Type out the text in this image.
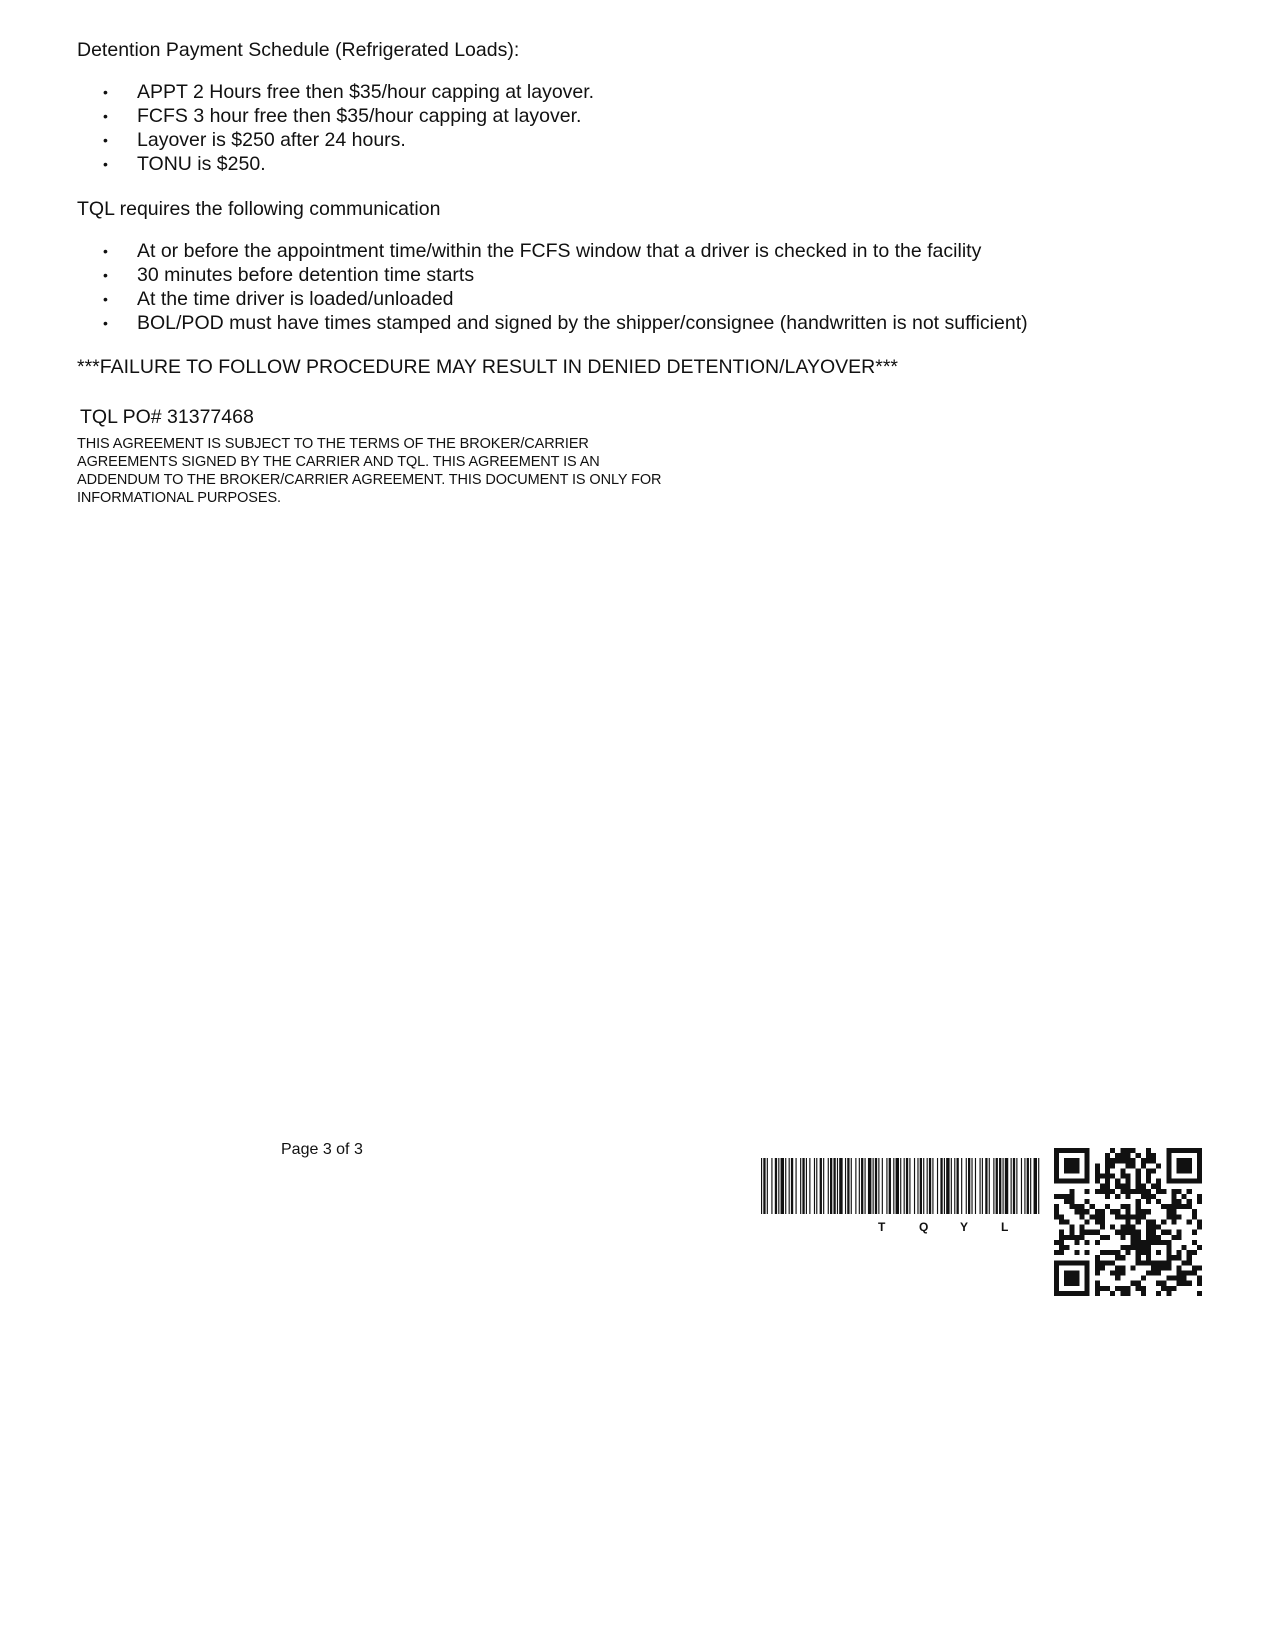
Detention Payment Schedule (Refrigerated Loads):
• APPT 2 Hours free then $35/hour capping at layover.
• FCFS 3 hour free then $35/hour capping at layover.
• Layover is $250 after 24 hours.
• TONU is $250.
TQL requires the following communication
• At or before the appointment time/within the FCFS window that a driver is checked in to the facility
• 30 minutes before detention time starts
• At the time driver is loaded/unloaded
• BOL/POD must have times stamped and signed by the shipper/consignee (handwritten is not sufficient)
***FAILURE TO FOLLOW PROCEDURE MAY RESULT IN DENIED DETENTION/LAYOVER***
TQL PO# 31377468
THIS AGREEMENT IS SUBJECT TO THE TERMS OF THE BROKER/CARRIER
AGREEMENTS SIGNED BY THE CARRIER AND TQL. THIS AGREEMENT IS AN
ADDENDUM TO THE BROKER/CARRIER AGREEMENT. THIS DOCUMENT IS ONLY FOR
INFORMATIONAL PURPOSES.
Page 3 of 3
T	Q	Y	L
